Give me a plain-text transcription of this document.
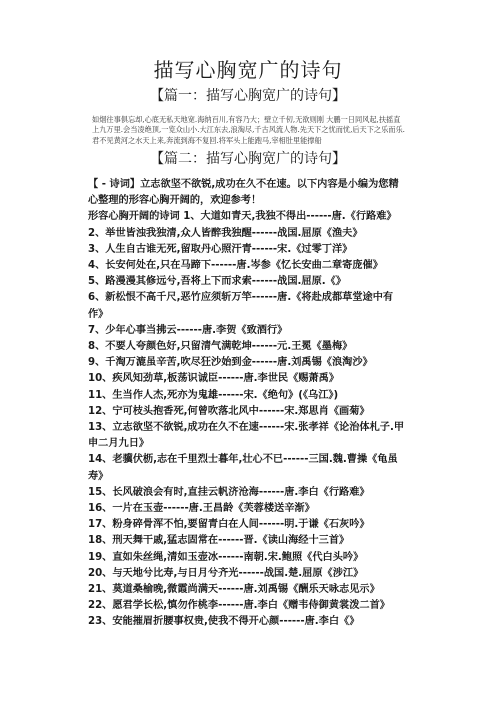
描写心胸宽广的诗句
【篇一：描写心胸宽广的诗句】
如烟往事俱忘却,心底无私天地宽.海纳百川,有容乃大；壁立千仞,无欲则刚 大鹏一日同风起,扶摇直上九万里.会当凌绝顶,一览众山小.大江东去,浪淘尽,千古风流人物.先天下之忧而忧,后天下之乐而乐.君不见黄河之水天上来,奔流到海不复回.将军头上能跑马,宰相肚里能撑船
【篇二：描写心胸宽广的诗句】
【 - 诗词】立志欲坚不欲锐,成功在久不在速。以下内容是小编为您精心整理的形容心胸开阔的，欢迎参考！
形容心胸开阔的诗词 1、大道如青天,我独不得出------唐.《行路难》
2、举世皆浊我独清,众人皆醉我独醒------战国.屈原《渔夫》
3、人生自古谁无死,留取丹心照汗青------宋.《过零丁洋》
4、长安何处在,只在马蹄下------唐.岑参《忆长安曲二章寄庞催》
5、路漫漫其修远兮,吾将上下而求索------战国.屈原.《》
6、新松恨不高千尺,恶竹应须斩万竿------唐.《将赴成都草堂途中有作》
7、少年心事当拂云------唐.李贺《致酒行》
8、不要人夸颜色好,只留清气满乾坤------元.王冕《墨梅》
9、千淘万漉虽辛苦,吹尽狂沙始到金------唐.刘禹锡《浪淘沙》
10、疾风知劲草,板荡识诚臣------唐.李世民《赐萧禹》
11、生当作人杰,死亦为鬼雄------宋.《绝句》(《乌江》)
12、宁可枝头抱香死,何曾吹落北风中------宋.郑思肖《画菊》
13、立志欲坚不欲锐,成功在久不在速------宋.张孝祥《论治体札子.甲申二月九日》
14、老骥伏枥,志在千里烈士暮年,壮心不已------三国.魏.曹操《龟虽寿》
15、长风破浪会有时,直挂云帆济沧海------唐.李白《行路难》
16、一片在玉壶------唐.王昌龄《芙蓉楼送辛渐》
17、粉身碎骨浑不怕,要留青白在人间------明.于谦《石灰吟》
18、刑天舞干戚,猛志固常在------晋.《读山海经十三首》
19、直如朱丝绳,清如玉壶冰------南朝.宋.鲍照《代白头吟》
20、与天地兮比寿,与日月兮齐光------战国.楚.屈原《涉江》
21、莫道桑榆晚,微霞尚满天------唐.刘禹锡《酬乐天咏志见示》
22、愿君学长松,慎勿作桃李------唐.李白《赠韦侍御黄裳泼二首》
23、安能摧眉折腰事权贵,使我不得开心颜------唐.李白《》
